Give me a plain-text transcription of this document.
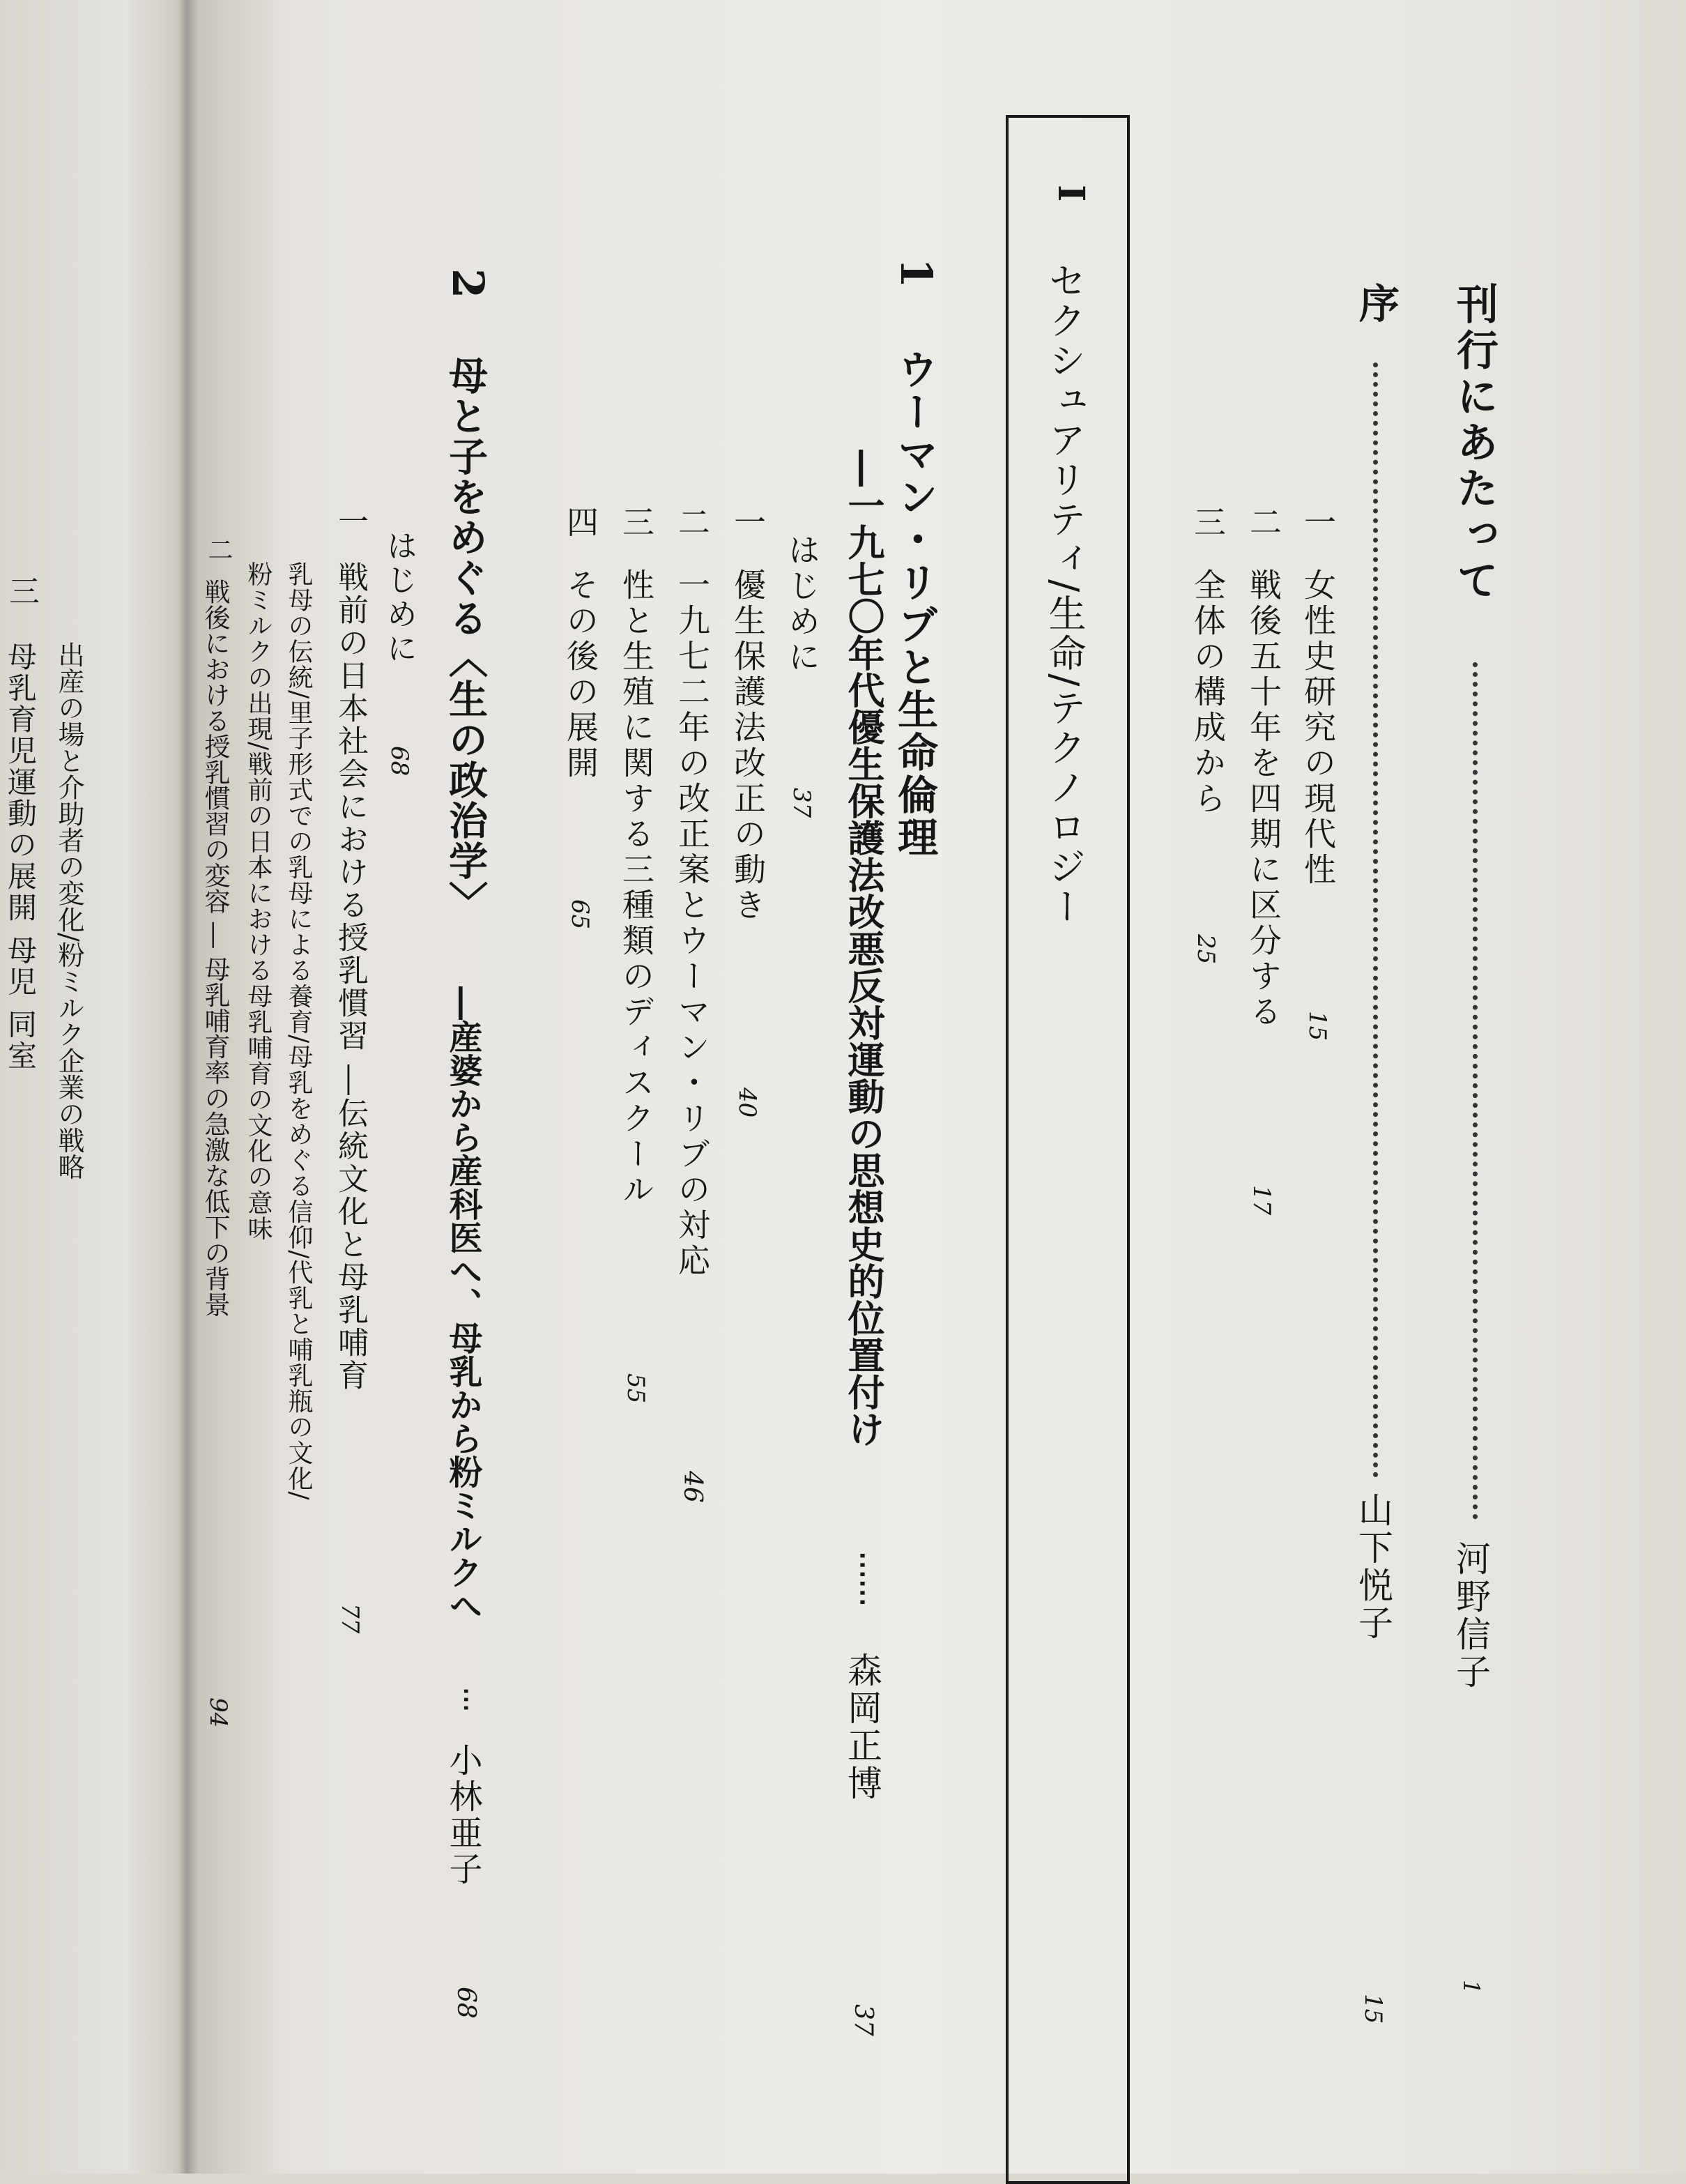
刊行にあたって
河野信子
1
序
山下悦子
15
一
女性史研究の現代性
15
二
戦後五十年を四期に区分する
17
三
全体の構成から
25
I
セクシュアリティ/生命/テクノロジー
1
ウーマン・リブと生命倫理
―一九七〇年代優生保護法改悪反対運動の思想史的位置付け
⋯⋯
森岡正博
37
はじめに
37
一
優生保護法改正の動き
40
二
一九七二年の改正案とウーマン・リブの対応
46
三
性と生殖に関する三種類のディスクール
55
四
その後の展開
65
2
母と子をめぐる〈生の政治学〉
―産婆から産科医へ、母乳から粉ミルクへ
⋯
小林亜子
68
はじめに
68
一
戦前の日本社会における授乳慣習 ―伝統文化と母乳哺育
77
乳母の伝統/里子形式での乳母による養育/母乳をめぐる信仰/代乳と哺乳瓶の文化/
粉ミルクの出現/戦前の日本における母乳哺育の文化の意味
二
戦後における授乳慣習の変容 ― 母乳哺育率の急激な低下の背景
94
出産の場と介助者の変化/粉ミルク企業の戦略
三
母乳育児運動の展開 母児 同室
